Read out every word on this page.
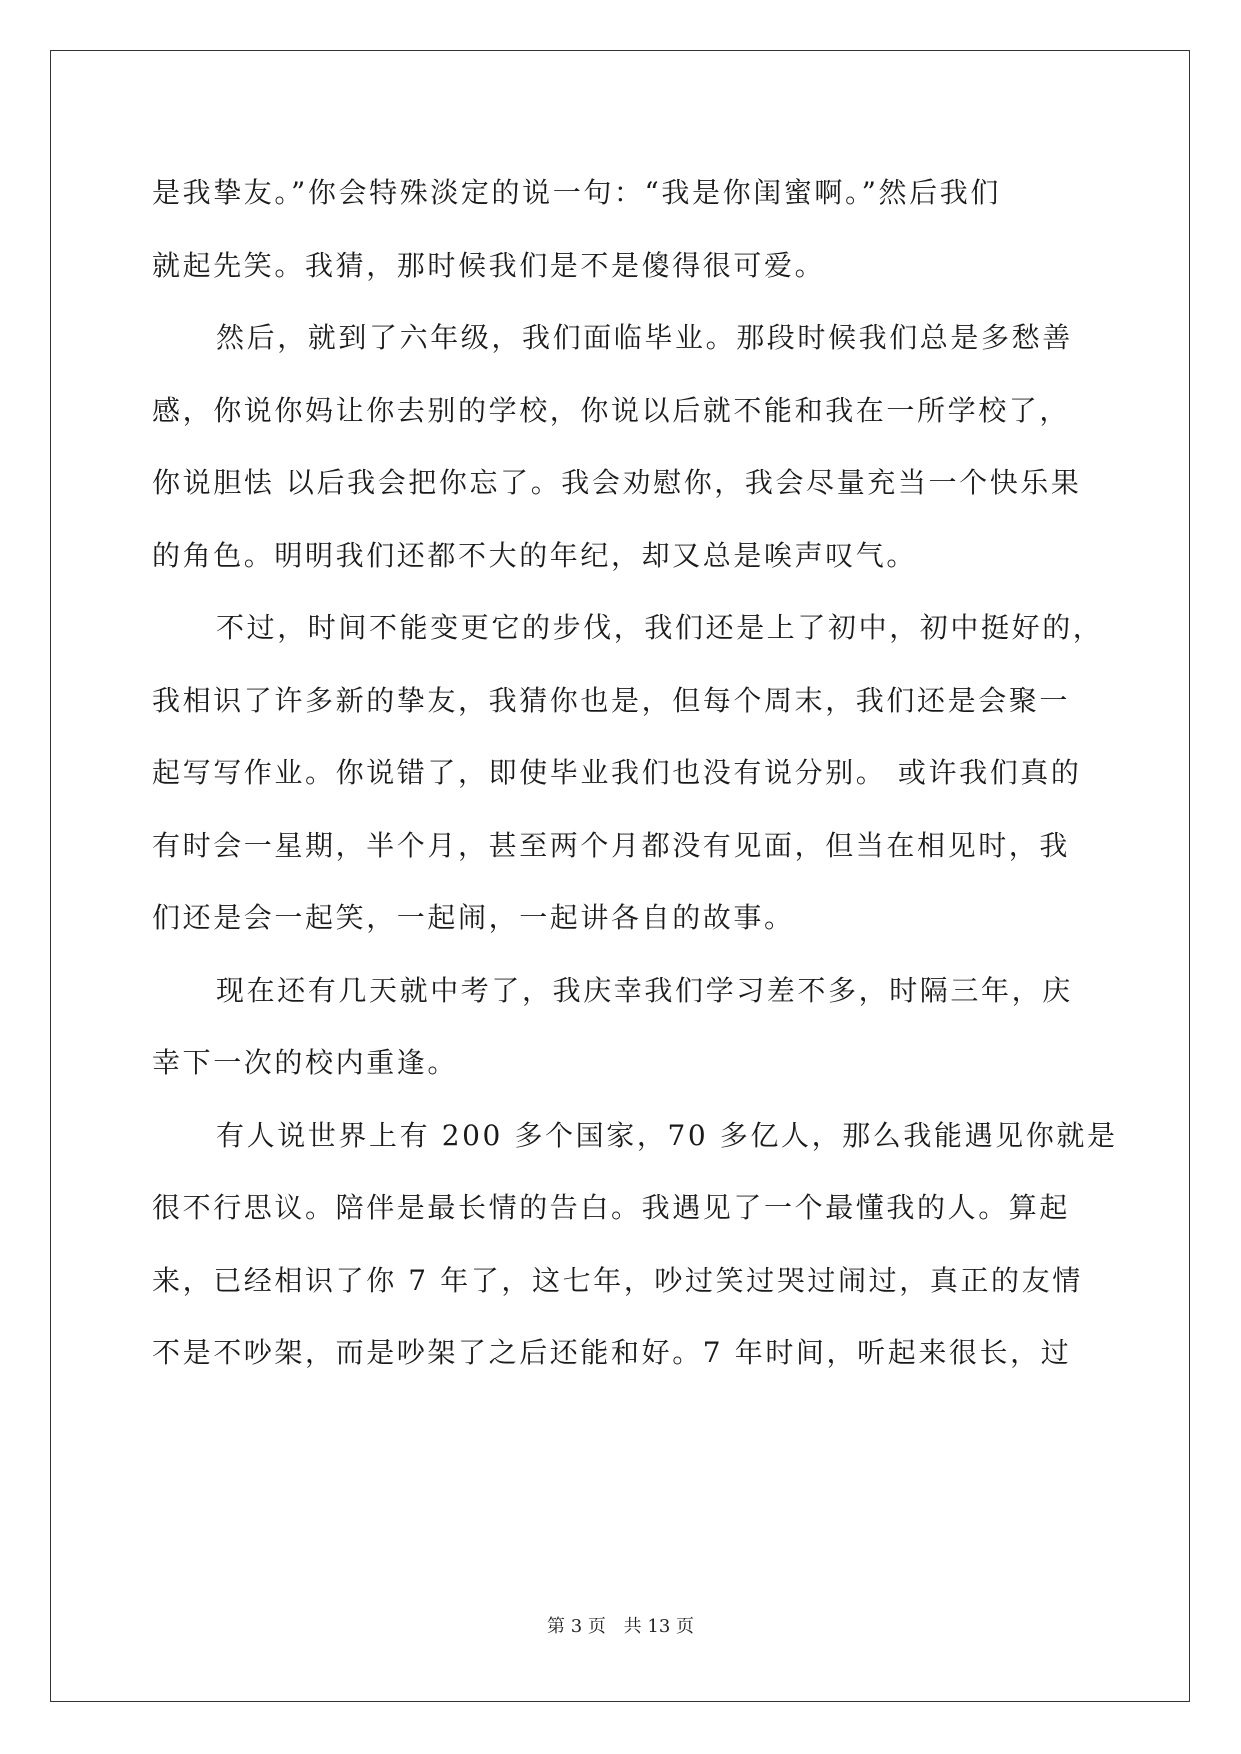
是我挚友。”你会特殊淡定的说一句：“我是你闺蜜啊。”然后我们
就起先笑。我猜，那时候我们是不是傻得很可爱。
然后，就到了六年级，我们面临毕业。那段时候我们总是多愁善
感，你说你妈让你去别的学校，你说以后就不能和我在一所学校了，
你说胆怯 以后我会把你忘了。我会劝慰你，我会尽量充当一个快乐果
的角色。明明我们还都不大的年纪，却又总是唉声叹气。
不过，时间不能变更它的步伐，我们还是上了初中，初中挺好的，
我相识了许多新的挚友，我猜你也是，但每个周末，我们还是会聚一
起写写作业。你说错了，即使毕业我们也没有说分别。 或许我们真的
有时会一星期，半个月，甚至两个月都没有见面，但当在相见时，我
们还是会一起笑，一起闹，一起讲各自的故事。
现在还有几天就中考了，我庆幸我们学习差不多，时隔三年，庆
幸下一次的校内重逢。
有人说世界上有 200 多个国家，70 多亿人，那么我能遇见你就是
很不行思议。陪伴是最长情的告白。我遇见了一个最懂我的人。算起
来，已经相识了你 7 年了，这七年，吵过笑过哭过闹过，真正的友情
不是不吵架，而是吵架了之后还能和好。7 年时间，听起来很长，过
第 3 页 共 13 页
